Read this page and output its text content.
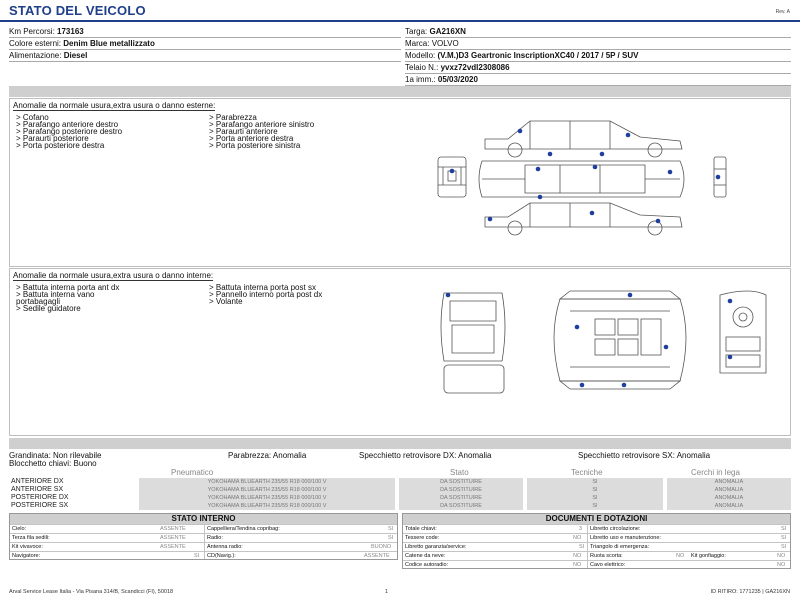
STATO DEL VEICOLO	Rev. A
Km Percorsi: 173163
Colore esterni: Denim Blue metallizzato
Alimentazione: Diesel
Targa: GA216XN
Marca: VOLVO
Modello: (V.M.)D3 Geartronic InscriptionXC40 / 2017 / 5P / SUV
Telaio N.: yvxz72vdl2308086
1a imm.: 05/03/2020
Anomalie da normale usura,extra usura o danno esterne:
> Cofano
> Parafango anteriore destro
> Parafango posteriore destro
> Paraurti posteriore
> Porta posteriore destra
> Parabrezza
> Parafango anteriore sinistro
> Paraurti anteriore
> Porta anteriore destra
> Porta posteriore sinistra
Anomalie da normale usura,extra usura o danno interne:
> Battuta interna porta ant dx
> Battuta interna vano
portabagagli
> Sedile guidatore
> Battuta interna porta post sx
> Pannello interno porta post dx
> Volante
Grandinata: Non rilevabile
Blocchetto chiavi: Buono
Parabrezza: Anomalia	Specchietto retrovisore DX: Anomalia	Specchietto retrovisore SX: Anomalia
Pneumatico	Stato	Tecniche	Cerchi in lega
ANTERIORE DX	YOKOHAMA BLUEARTH 235/55 R18 000/100 V	DA SOSTITUIRE	SI	ANOMALIA
ANTERIORE SX	YOKOHAMA BLUEARTH 235/55 R18 000/100 V	DA SOSTITUIRE	SI	ANOMALIA
POSTERIORE DX	YOKOHAMA BLUEARTH 235/55 R18 000/100 V	DA SOSTITUIRE	SI	ANOMALIA
POSTERIORE SX	YOKOHAMA BLUEARTH 235/55 R18 000/100 V	DA SOSTITUIRE	SI	ANOMALIA
STATO INTERNO
Cielo:	ASSENTE	Cappelliera/Tendina copribag:	SI
Terza fila sedili:	ASSENTE	Radio:	SI
Kit vivavoce:	ASSENTE	Antenna radio:	BUONO
Navigatore:	SI CD(Navig.):	ASSENTE
DOCUMENTI E DOTAZIONI
Totale chiavi:	3 Libretto circolazione:	SI
Tessere code:	NO Libretto uso e manutenzione:	SI
Libretto garanzia/service:	SI Triangolo di emergenza:	SI
Catene da neve:	NO Ruota scorta:	NO Kit gonfiaggio:	NO
Codice autoradio:	NO Cavo elettrico:	NO
Arval Service Lease Italia - Via Pisana 314/B, Scandicci (FI), 50018	1	ID RITIRO: 1771235 | GA216XN
